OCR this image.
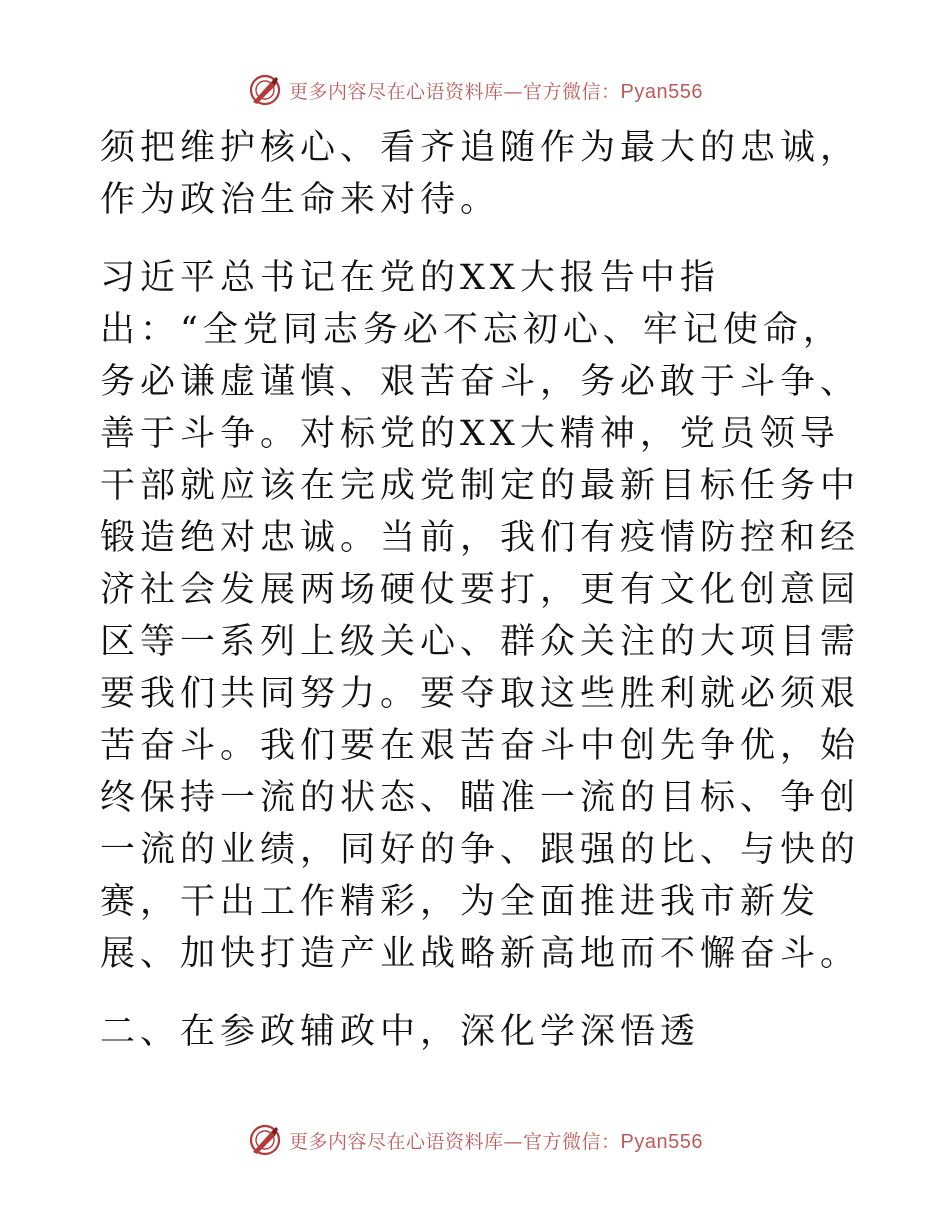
更多内容尽在心语资料库—官方微信：Pyan556

须把维护核心、看齐追随作为最大的忠诚，作为政治生命来对待。

习近平总书记在党的XX大报告中指出：“全党同志务必不忘初心、牢记使命，务必谦虚谨慎、艰苦奋斗，务必敢于斗争、善于斗争。对标党的XX大精神，党员领导干部就应该在完成党制定的最新目标任务中锻造绝对忠诚。当前，我们有疫情防控和经济社会发展两场硬仗要打，更有文化创意园区等一系列上级关心、群众关注的大项目需要我们共同努力。要夺取这些胜利就必须艰苦奋斗。我们要在艰苦奋斗中创先争优，始终保持一流的状态、瞄准一流的目标、争创一流的业绩，同好的争、跟强的比、与快的赛，干出工作精彩，为全面推进我市新发展、加快打造产业战略新高地而不懈奋斗。

二、在参政辅政中，深化学深悟透

更多内容尽在心语资料库—官方微信：Pyan556
